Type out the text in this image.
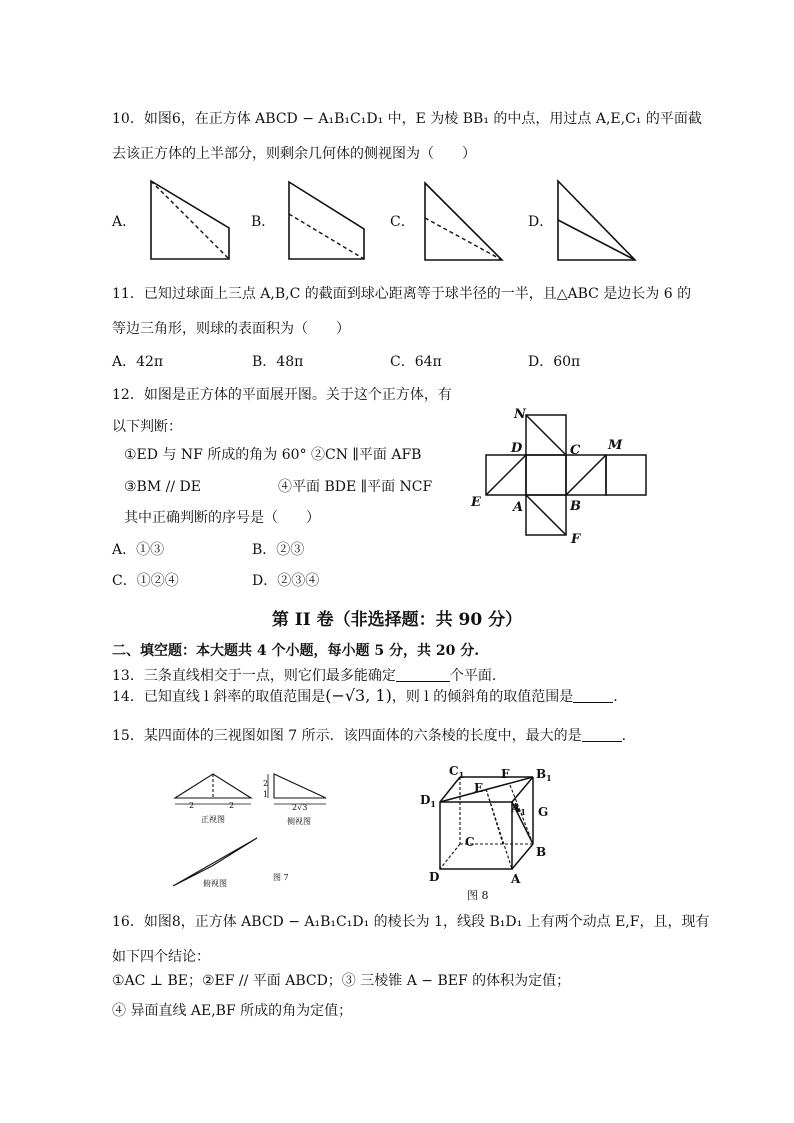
10．如图6，在正方体 ABCD − A₁B₁C₁D₁ 中，E 为棱 BB₁ 的中点，用过点 A,E,C₁ 的平面截
去该正方体的上半部分，则剩余几何体的侧视图为（　　）
A．	B．	C．	D．
11．已知过球面上三点 A,B,C 的截面到球心距离等于球半径的一半，且△ABC 是边长为 6 的
等边三角形，则球的表面积为（　　）
A．42π	B．48π	C．64π	D．60π
12．如图是正方体的平面展开图。关于这个正方体，有
以下判断：
①ED 与 NF 所成的角为 60° ②CN ∥平面 AFB
③BM // DE	④平面 BDE ∥平面 NCF
其中正确判断的序号是（　　）
A．①③	B．②③
C．①②④	D．②③④
N
D	C M
E A	B
F
第 II 卷（非选择题：共 90 分）
二、填空题：本大题共 4 个小题，每小题 5 分，共 20 分.
13．三条直线相交于一点，则它们最多能确定	个平面.
14．已知直线 l 斜率的取值范围是(−√3, 1)，则 l 的倾斜角的取值范围是	.
15．某四面体的三视图如图 7 所示．该四面体的六条棱的长度中，最大的是	.
2	2
2
1
2√3
正视图	侧视图
俯视图
图 7
$C_1$	F $B_1$
$D_1$
E
$A_1$ G
C
B
D	A
图 8
16．如图8，正方体 ABCD − A₁B₁C₁D₁ 的棱长为 1，线段 B₁D₁ 上有两个动点 E,F，且，现有
如下四个结论：
①AC ⊥ BE；②EF // 平面 ABCD；③ 三棱锥 A − BEF 的体积为定值；
④ 异面直线 AE,BF 所成的角为定值；
